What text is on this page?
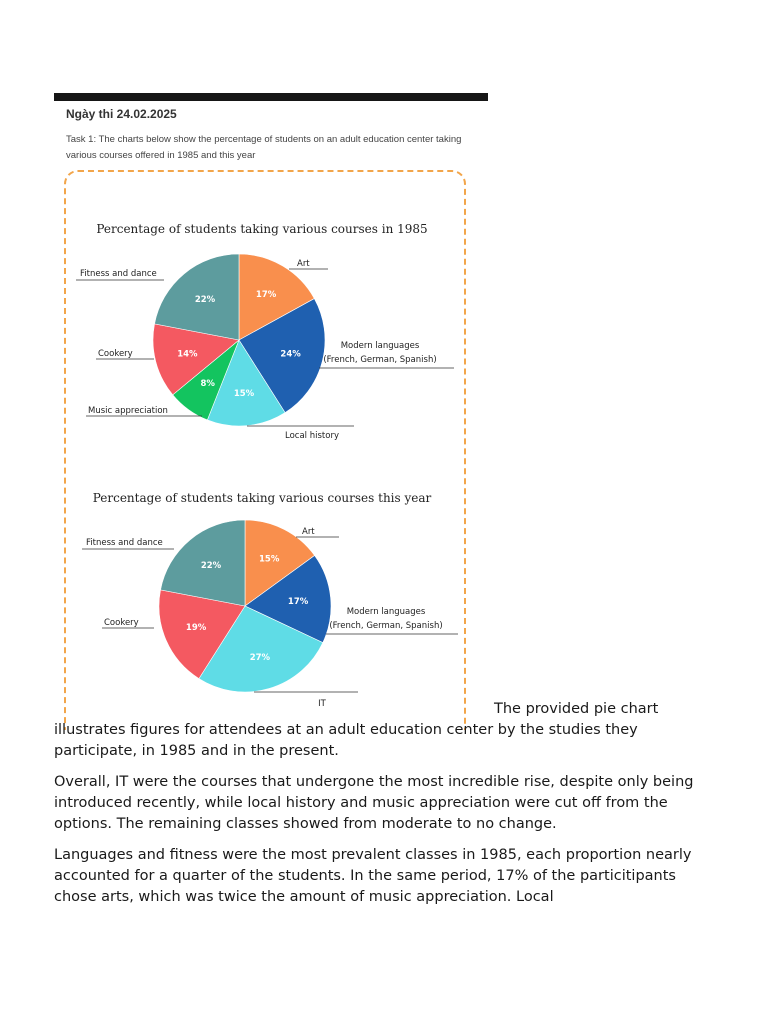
Ngày thi 24.02.2025
Task 1: The charts below show the percentage of students on an adult education center taking various courses offered in 1985 and this year
Percentage of students taking various courses in 1985
17%
Art
24%
Modern languages
(French, German, Spanish)
15%
Local history
8%
Music appreciation
14%
Cookery
22%
Fitness and dance
Percentage of students taking various courses this year
15%
Art
17%
Modern languages
(French, German, Spanish)
27%
IT
19%
Cookery
22%
Fitness and dance

The provided pie chart illustrates figures for attendees at an adult education center by the studies they participate, in 1985 and in the present.

Overall, IT were the courses that undergone the most incredible rise, despite only being introduced recently, while local history and music appreciation were cut off from the options. The remaining classes showed from moderate to no change.

Languages and fitness were the most prevalent classes in 1985, each proportion nearly accounted for a quarter of the students. In the same period, 17% of the particitipants chose arts, which was twice the amount of music appreciation. Local
